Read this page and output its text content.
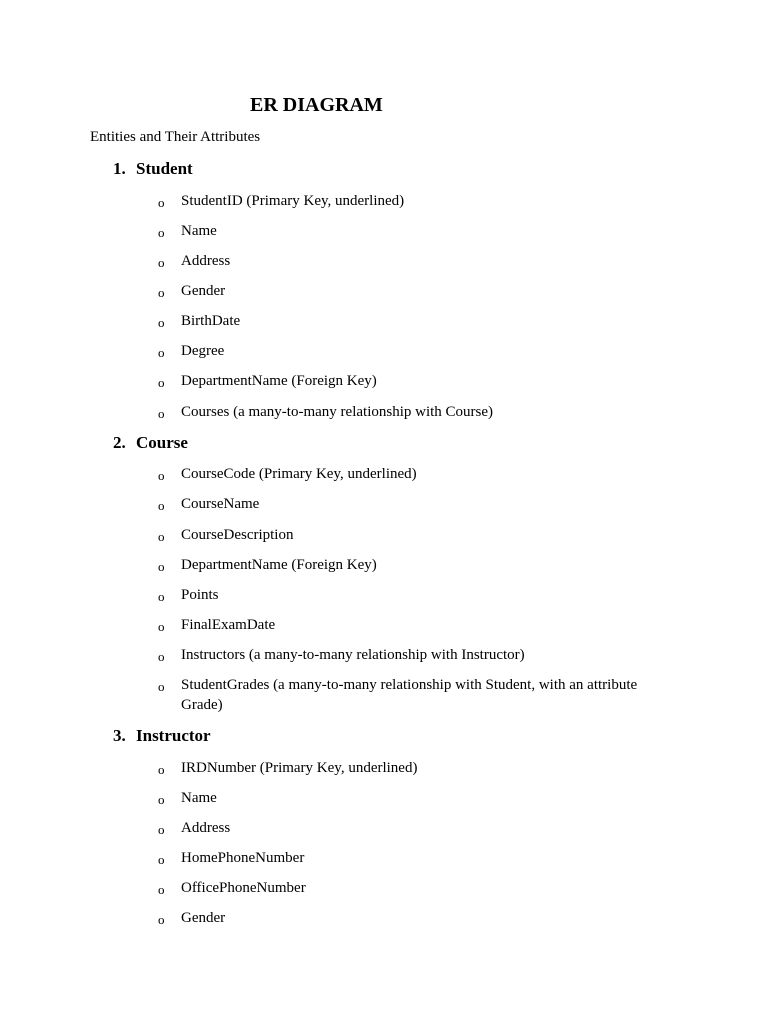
ER DIAGRAM

Entities and Their Attributes

1. Student
o StudentID (Primary Key, underlined)
o Name
o Address
o Gender
o BirthDate
o Degree
o DepartmentName (Foreign Key)
o Courses (a many-to-many relationship with Course)
2. Course
o CourseCode (Primary Key, underlined)
o CourseName
o CourseDescription
o DepartmentName (Foreign Key)
o Points
o FinalExamDate
o Instructors (a many-to-many relationship with Instructor)
o StudentGrades (a many-to-many relationship with Student, with an attribute Grade)
3. Instructor
o IRDNumber (Primary Key, underlined)
o Name
o Address
o HomePhoneNumber
o OfficePhoneNumber
o Gender
